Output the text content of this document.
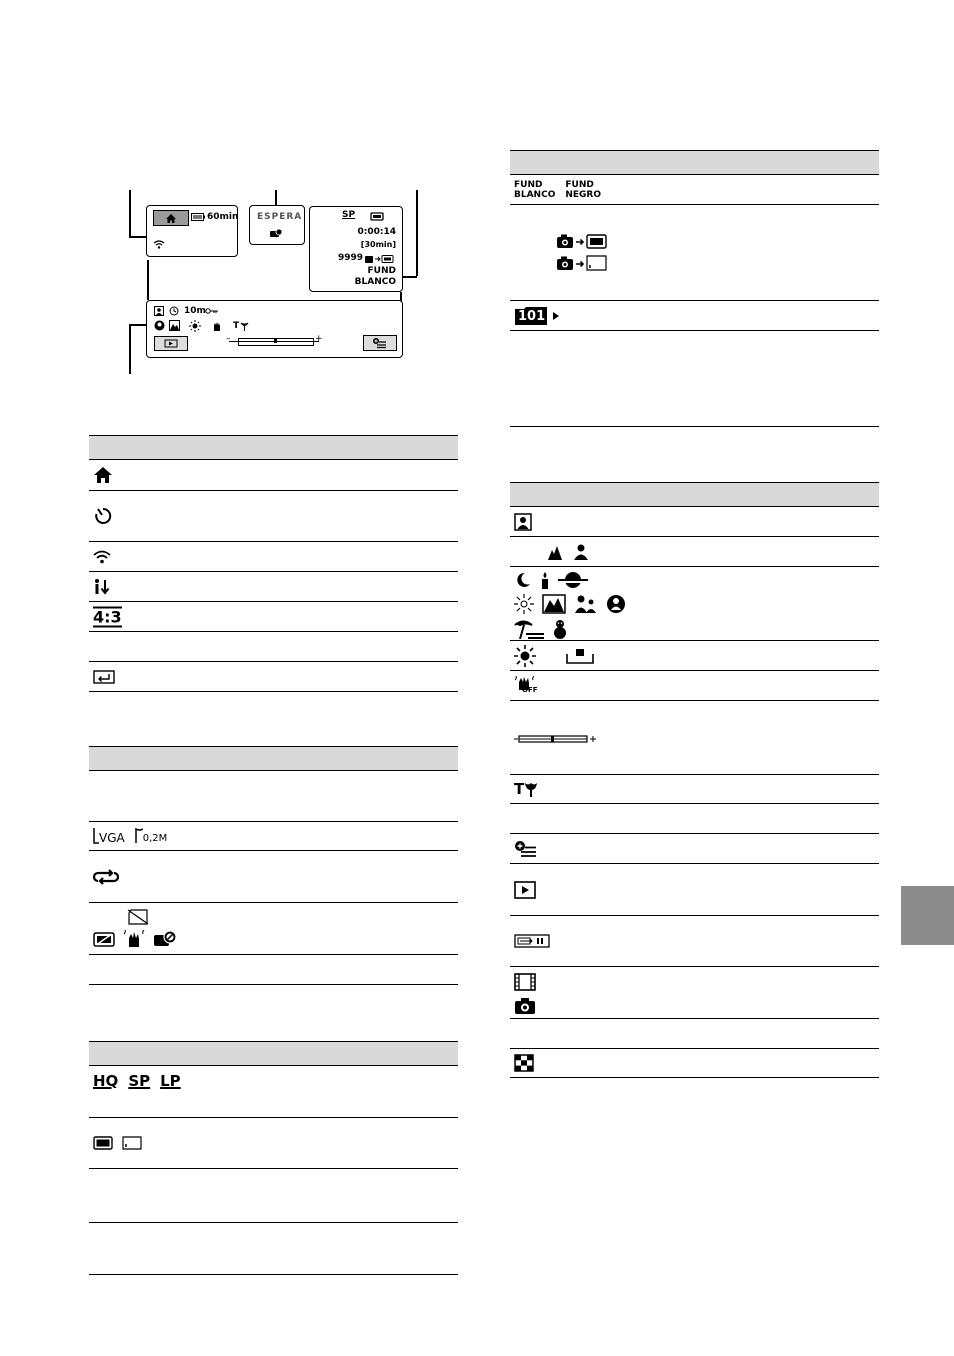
60min ESPERA	SP
0:00:14
[30min]
9999
FUND
BLANCO
10m
T
–	+
4:3
VGA 0,2M
HQ SP LP
FUND
BLANCO
FUND
NEGRO
101
OFF
T
